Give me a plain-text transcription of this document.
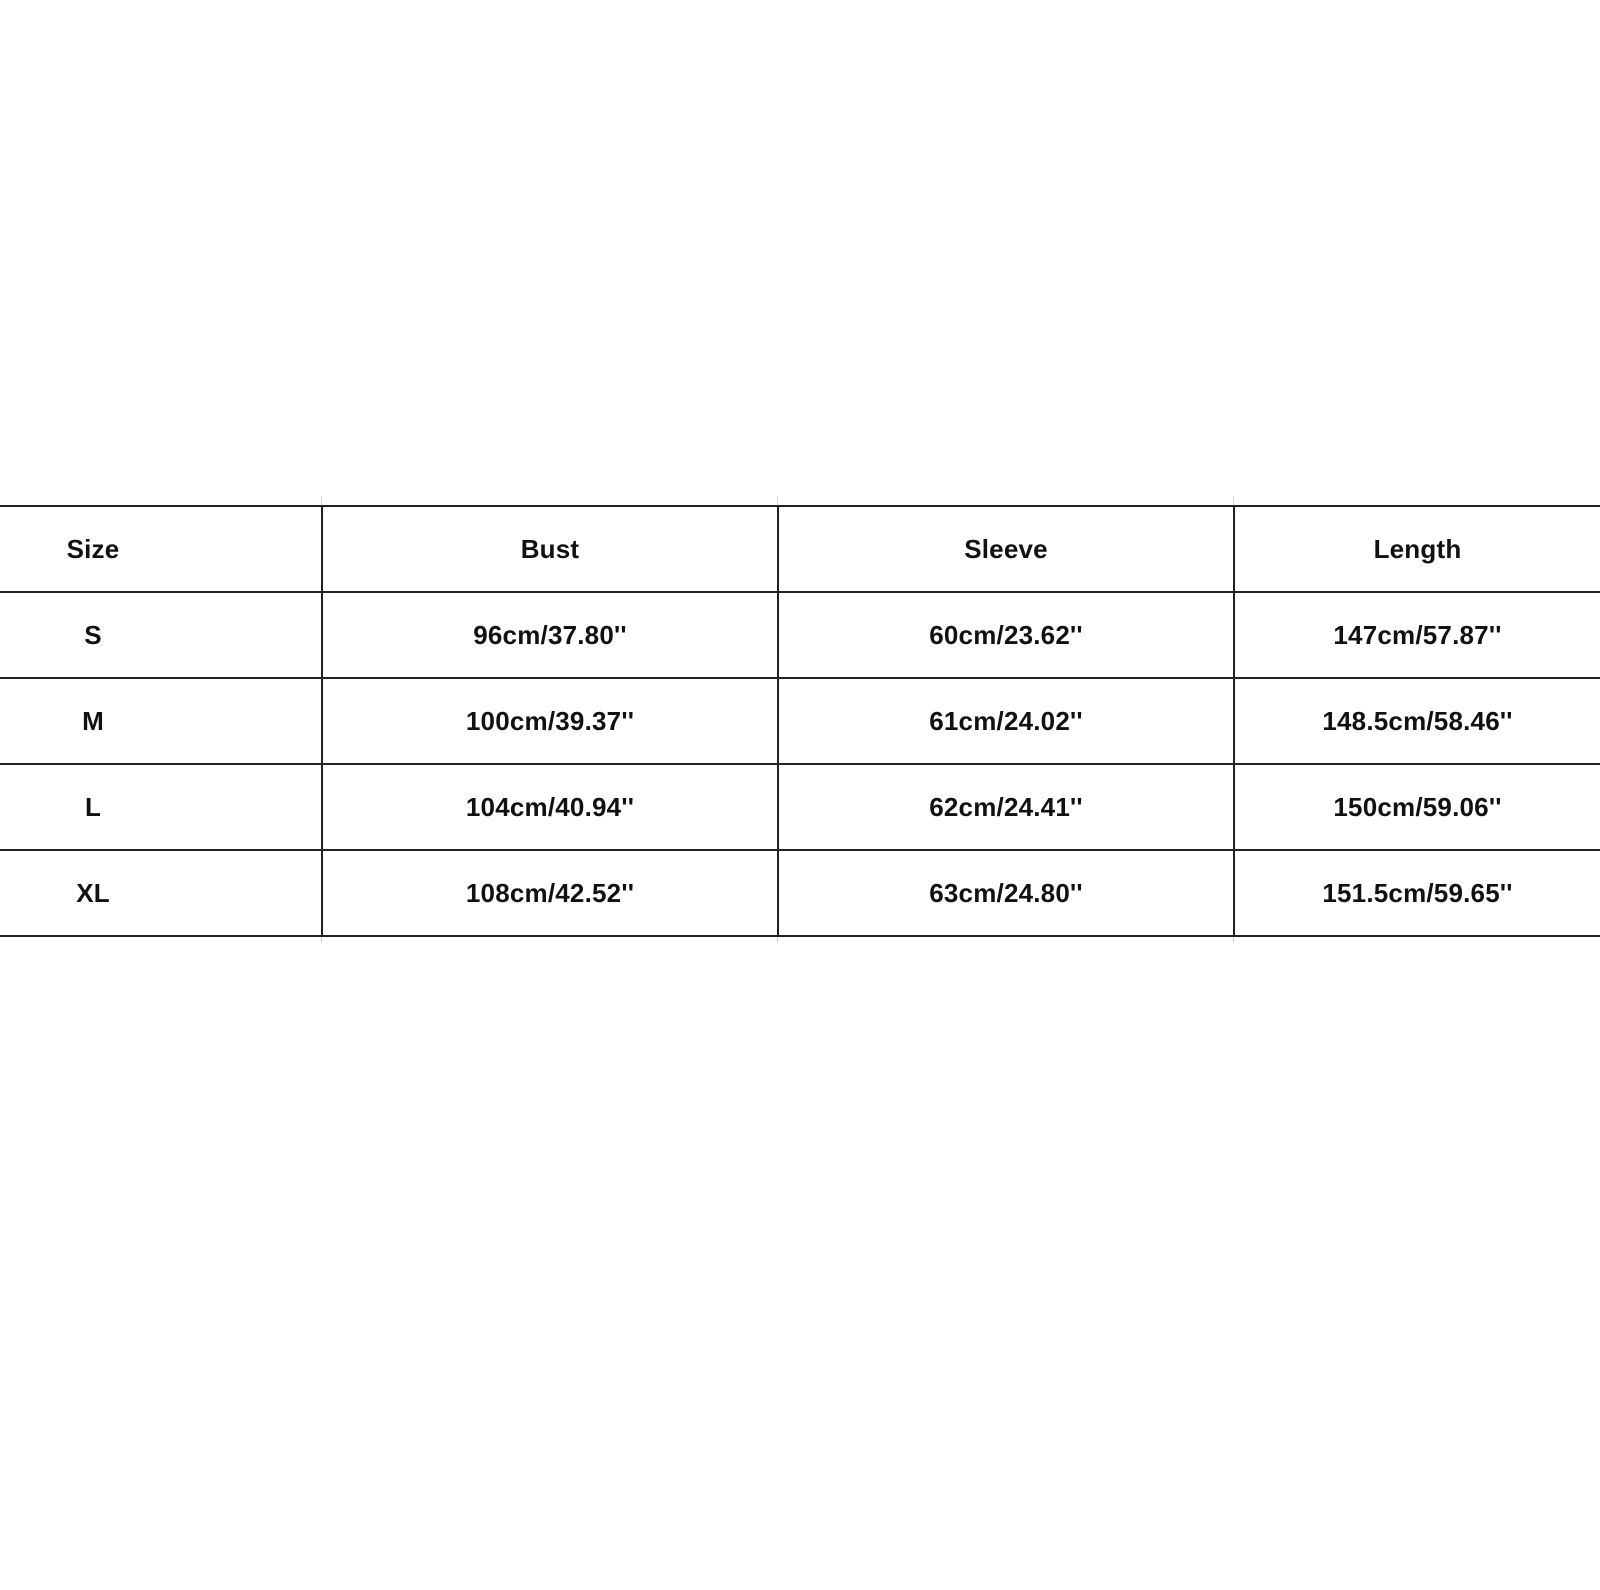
Size	Bust	Sleeve	Length
S	96cm/37.80''	60cm/23.62''	147cm/57.87''
M	100cm/39.37''	61cm/24.02''	148.5cm/58.46''
L	104cm/40.94''	62cm/24.41''	150cm/59.06''
XL	108cm/42.52''	63cm/24.80''	151.5cm/59.65''
